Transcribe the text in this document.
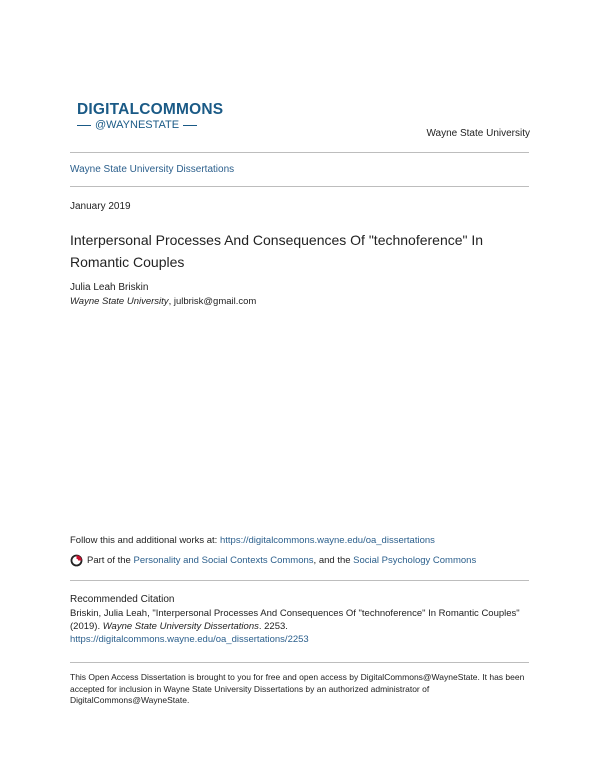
DIGITALCOMMONS
@WAYNESTATE
Wayne State University
Wayne State University Dissertations
January 2019
Interpersonal Processes And Consequences Of "technoference" In Romantic Couples
Julia Leah Briskin
Wayne State University, julbrisk@gmail.com
Follow this and additional works at: https://digitalcommons.wayne.edu/oa_dissertations
Part of the Personality and Social Contexts Commons, and the Social Psychology Commons
Recommended Citation
Briskin, Julia Leah, "Interpersonal Processes And Consequences Of "technoference" In Romantic Couples" (2019). Wayne State University Dissertations. 2253.
https://digitalcommons.wayne.edu/oa_dissertations/2253
This Open Access Dissertation is brought to you for free and open access by DigitalCommons@WayneState. It has been accepted for inclusion in Wayne State University Dissertations by an authorized administrator of DigitalCommons@WayneState.
